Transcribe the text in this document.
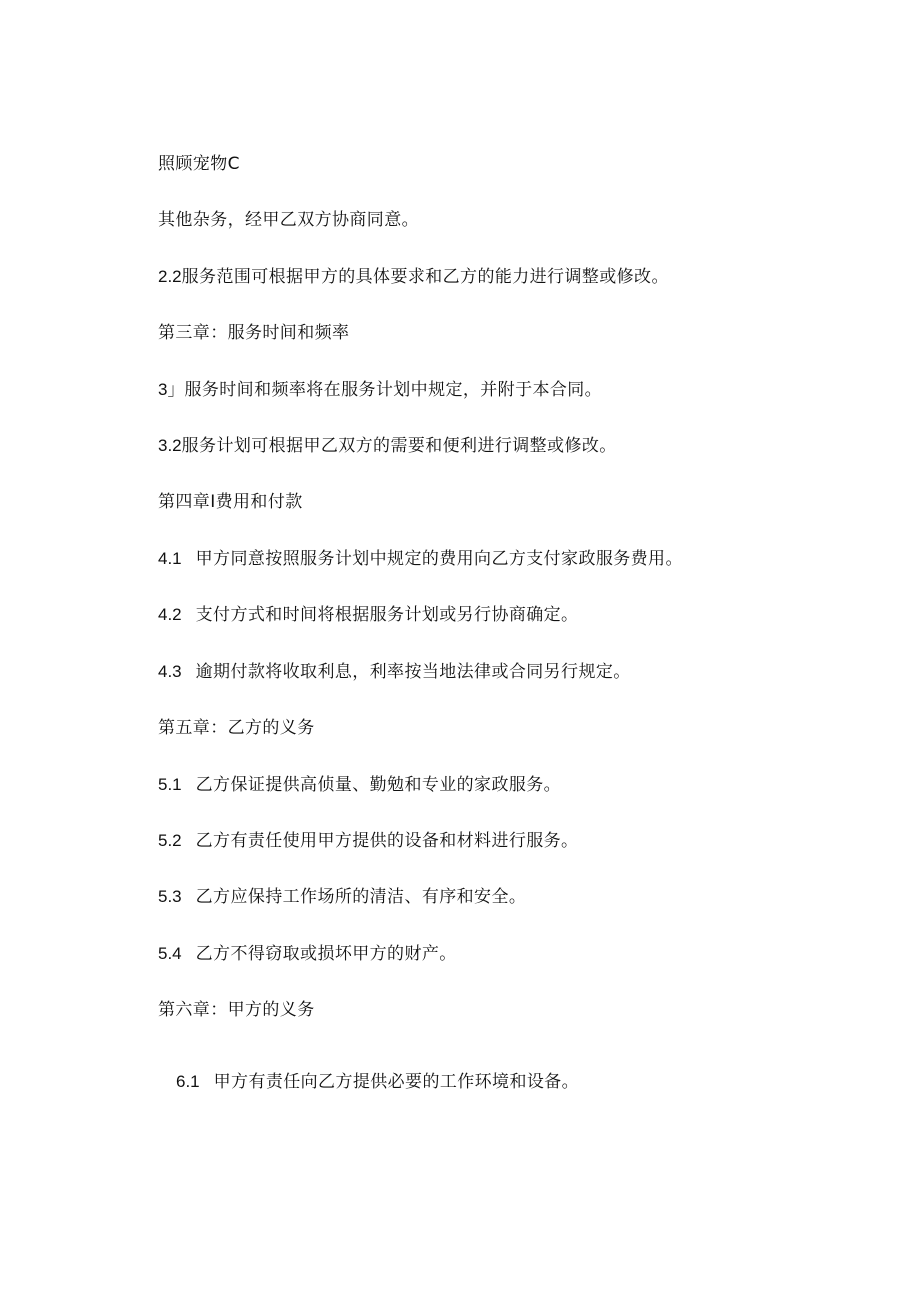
照顾宠物C
其他杂务，经甲乙双方协商同意。
2.2服务范围可根据甲方的具体要求和乙方的能力进行调整或修改。
第三章：服务时间和频率
3」服务时间和频率将在服务计划中规定，并附于本合同。
3.2服务计划可根据甲乙双方的需要和便利进行调整或修改。
第四章I费用和付款
4.1 甲方同意按照服务计划中规定的费用向乙方支付家政服务费用。
4.2 支付方式和时间将根据服务计划或另行协商确定。
4.3 逾期付款将收取利息，利率按当地法律或合同另行规定。
第五章：乙方的义务
5.1 乙方保证提供高侦量、勤勉和专业的家政服务。
5.2 乙方有责任使用甲方提供的设备和材料进行服务。
5.3 乙方应保持工作场所的清洁、有序和安全。
5.4 乙方不得窃取或损坏甲方的财产。
第六章：甲方的义务
6.1 甲方有责任向乙方提供必要的工作环境和设备。
